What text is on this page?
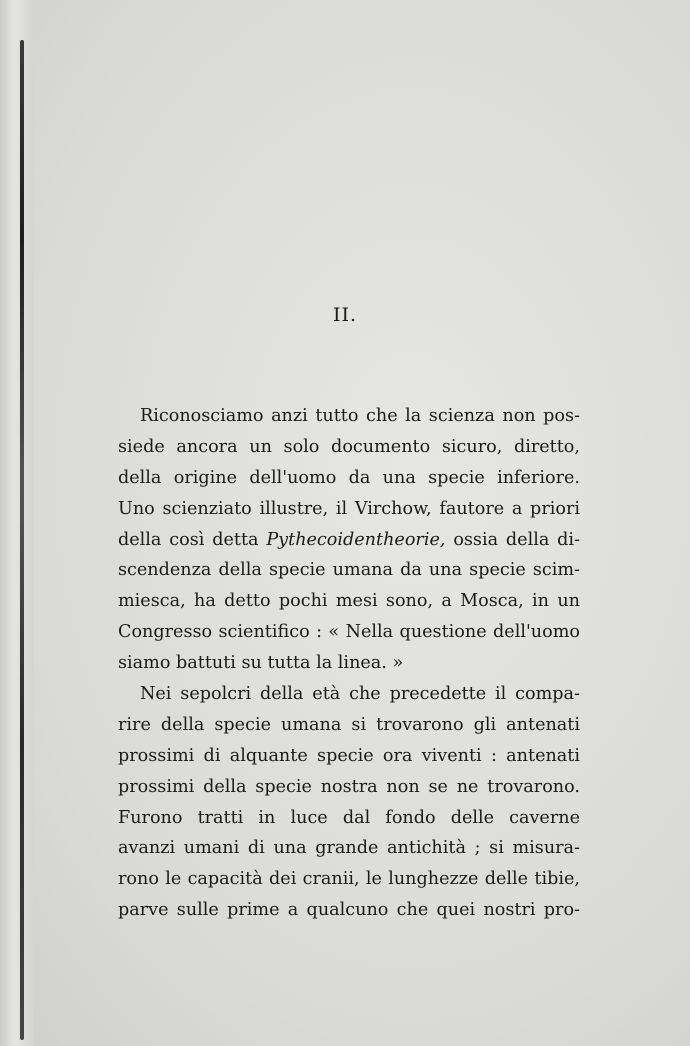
II.

Riconosciamo anzi tutto che la scienza non pos-
siede ancora un solo documento sicuro, diretto,
della origine dell'uomo da una specie inferiore.
Uno scienziato illustre, il Virchow, fautore a priori
della così detta Pythecoidentheorie, ossia della di-
scendenza della specie umana da una specie scim-
miesca, ha detto pochi mesi sono, a Mosca, in un
Congresso scientifico : « Nella questione dell'uomo
siamo battuti su tutta la linea. »

Nei sepolcri della età che precedette il compa-
rire della specie umana si trovarono gli antenati
prossimi di alquante specie ora viventi : antenati
prossimi della specie nostra non se ne trovarono.
Furono tratti in luce dal fondo delle caverne
avanzi umani di una grande antichità ; si misura-
rono le capacità dei cranii, le lunghezze delle tibie,
parve sulle prime a qualcuno che quei nostri pro-
